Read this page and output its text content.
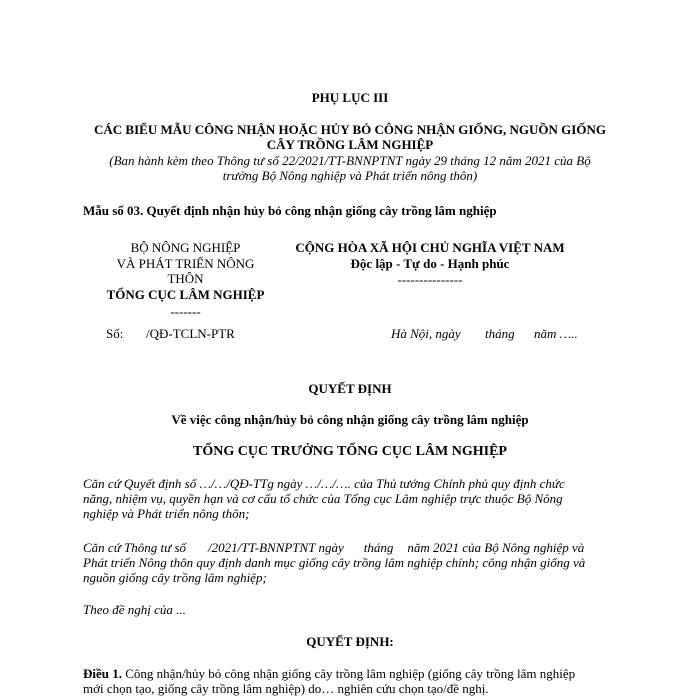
PHỤ LỤC III
CÁC BIỂU MẪU CÔNG NHẬN HOẶC HỦY BỎ CÔNG NHẬN GIỐNG, NGUỒN GIỐNG
CÂY TRỒNG LÂM NGHIỆP
(Ban hành kèm theo Thông tư số 22/2021/TT-BNNPTNT ngày 29 tháng 12 năm 2021 của Bộ
trưởng Bộ Nông nghiệp và Phát triển nông thôn)
Mẫu số 03. Quyết định nhận hủy bỏ công nhận giống cây trồng lâm nghiệp
BỘ NÔNG NGHIỆP
VÀ PHÁT TRIỂN NÔNG
THÔN
TỔNG CỤC LÂM NGHIỆP
-------
Số: /QĐ-TCLN-PTR
CỘNG HÒA XÃ HỘI CHỦ NGHĨA VIỆT NAM
Độc lập - Tự do - Hạnh phúc
---------------
Hà Nội, ngày tháng năm …..
QUYẾT ĐỊNH
Về việc công nhận/hủy bỏ công nhận giống cây trồng lâm nghiệp
TỔNG CỤC TRƯỞNG TỔNG CỤC LÂM NGHIỆP
Căn cứ Quyết định số …/…/QĐ-TTg ngày …/…/…. của Thủ tướng Chính phủ quy định chức
năng, nhiệm vụ, quyền hạn và cơ cấu tổ chức của Tổng cục Lâm nghiệp trực thuộc Bộ Nông
nghiệp và Phát triển nông thôn;
Căn cứ Thông tư số /2021/TT-BNNPTNT ngày tháng năm 2021 của Bộ Nông nghiệp và
Phát triển Nông thôn quy định danh mục giống cây trồng lâm nghiệp chính; công nhận giống và
nguồn giống cây trồng lâm nghiệp;
Theo đề nghị của ...
QUYẾT ĐỊNH:
Điều 1. Công nhận/hủy bỏ công nhận giống cây trồng lâm nghiệp (giống cây trồng lâm nghiệp
mới chọn tạo, giống cây trồng lâm nghiệp) do… nghiên cứu chọn tạo/đề nghị.
